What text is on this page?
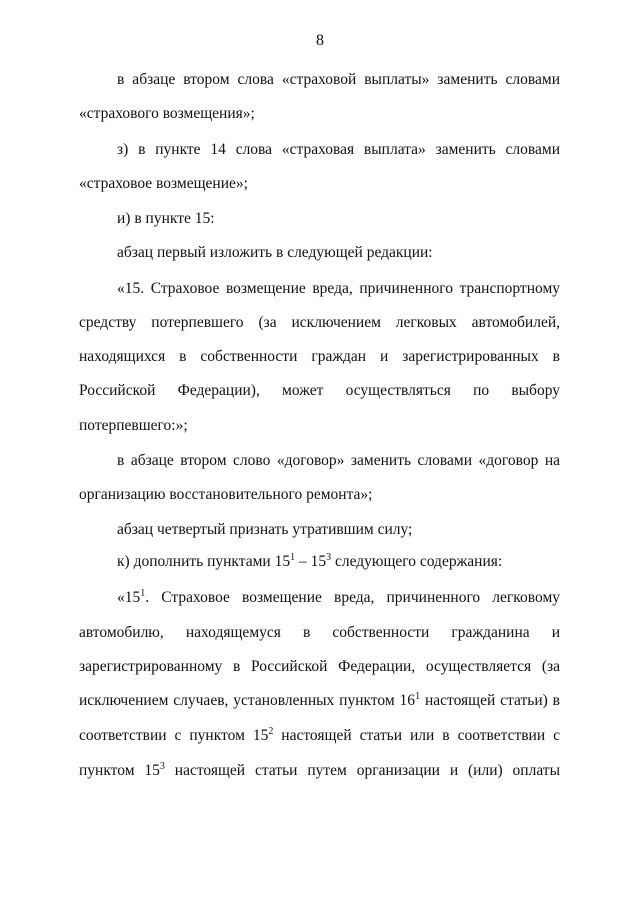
8
в абзаце втором слова «страховой выплаты» заменить словами
«страхового возмещения»;
з) в пункте 14 слова «страховая выплата» заменить словами
«страховое возмещение»;
и) в пункте 15:
абзац первый изложить в следующей редакции:
«15. Страховое возмещение вреда, причиненного транспортному
средству потерпевшего (за исключением легковых автомобилей,
находящихся в собственности граждан и зарегистрированных в
Российской Федерации), может осуществляться по выбору
потерпевшего:»;
в абзаце втором слово «договор» заменить словами «договор на
организацию восстановительного ремонта»;
абзац четвертый признать утратившим силу;
к) дополнить пунктами $15^1 - 15^3$ следующего содержания:
«$15^1$. Страховое возмещение вреда, причиненного легковому
автомобилю, находящемуся в собственности гражданина и
зарегистрированному в Российской Федерации, осуществляется (за
исключением случаев, установленных пунктом $16^1$ настоящей статьи) в
соответствии с пунктом $15^2$ настоящей статьи или в соответствии с
пунктом $15^3$ настоящей статьи путем организации и (или) оплаты
